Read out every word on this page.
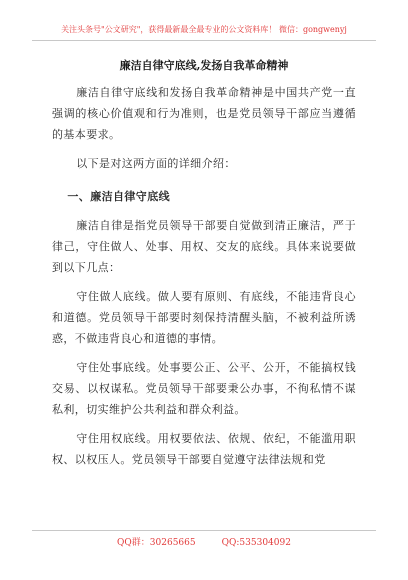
关注头条号"公文研究"，获得最新最全最专业的公文资料库！ 微信：gongwenyj
廉洁自律守底线,发扬自我革命精神

廉洁自律守底线和发扬自我革命精神是中国共产党一直强调的核心价值观和行为准则，也是党员领导干部应当遵循的基本要求。

以下是对这两方面的详细介绍：

一、廉洁自律守底线

廉洁自律是指党员领导干部要自觉做到清正廉洁，严于律己，守住做人、处事、用权、交友的底线。具体来说要做到以下几点：

守住做人底线。做人要有原则、有底线，不能违背良心和道德。党员领导干部要时刻保持清醒头脑，不被利益所诱惑，不做违背良心和道德的事情。

守住处事底线。处事要公正、公平、公开，不能搞权钱交易、以权谋私。党员领导干部要秉公办事，不徇私情不谋私利，切实维护公共利益和群众利益。

守住用权底线。用权要依法、依规、依纪，不能滥用职权、以权压人。党员领导干部要自觉遵守法律法规和党

QQ群：30265665	QQ:535304092
